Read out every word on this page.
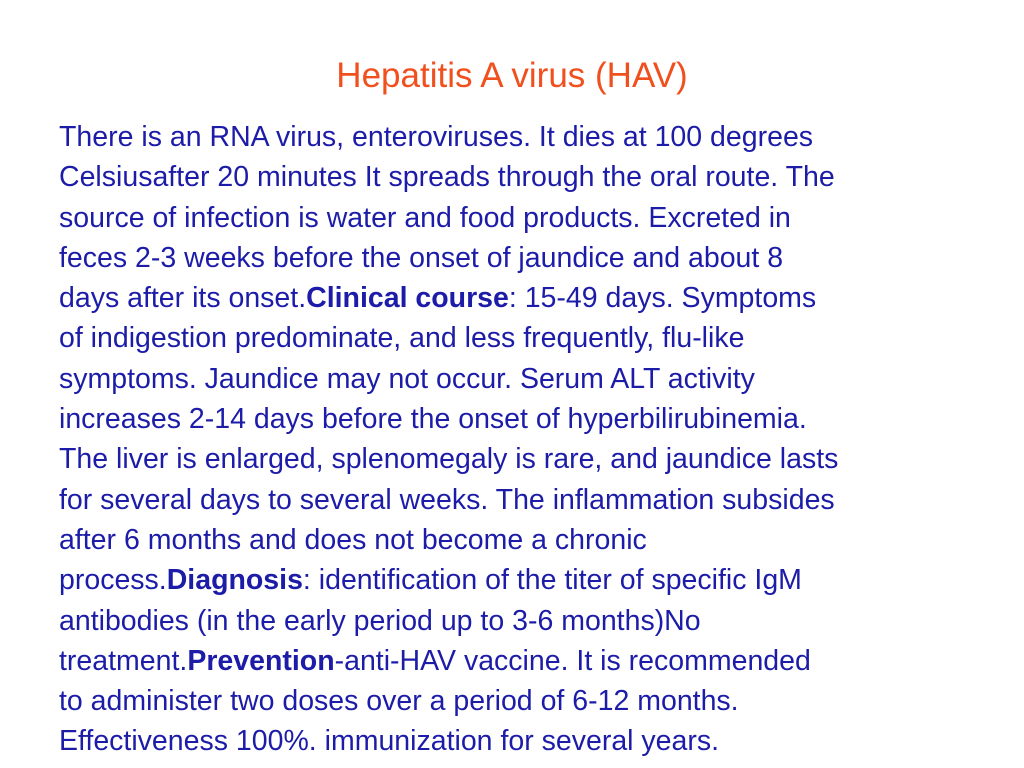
Hepatitis A virus (HAV)
There is an RNA virus, enteroviruses. It dies at 100 degrees
Celsiusafter 20 minutes It spreads through the oral route. The
source of infection is water and food products. Excreted in
feces 2-3 weeks before the onset of jaundice and about 8
days after its onset.Clinical course: 15-49 days. Symptoms
of indigestion predominate, and less frequently, flu-like
symptoms. Jaundice may not occur. Serum ALT activity
increases 2-14 days before the onset of hyperbilirubinemia.
The liver is enlarged, splenomegaly is rare, and jaundice lasts
for several days to several weeks. The inflammation subsides
after 6 months and does not become a chronic
process.Diagnosis: identification of the titer of specific IgM
antibodies (in the early period up to 3-6 months)No
treatment.Prevention-anti-HAV vaccine. It is recommended
to administer two doses over a period of 6-12 months.
Effectiveness 100%. immunization for several years.
